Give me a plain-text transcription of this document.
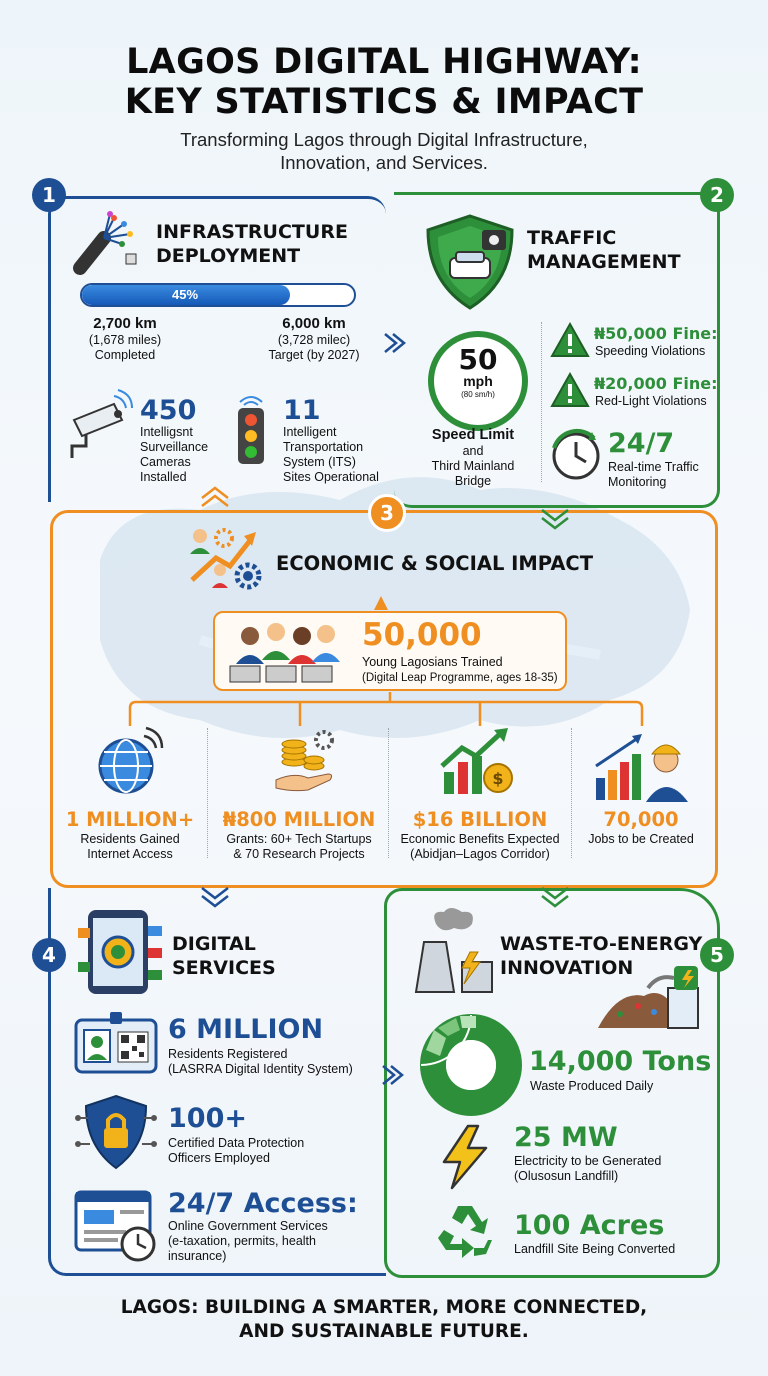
LAGOS DIGITAL HIGHWAY:
KEY STATISTICS & IMPACT
Transforming Lagos through Digital Infrastructure,
Innovation, and Services.
1
INFRASTRUCTURE
DEPLOYMENT
45%
2,700 km
(1,678 miles)
Completed
6,000 km
(3,728 milec)
Target (by 2027)
450
Intelligsnt
Surveillance
Cameras
Installed
11
Intelligent
Transportation
System (ITS)
Sites Operational
2
TRAFFIC
MANAGEMENT
50
mph
(80 sm/h)
Speed Limit
and
Third Mainland
Bridge
₦50,000 Fine:
Speeding Violations
₦20,000 Fine:
Red-Light Violations
24/7
Real-time Traffic
Monitoring
3
ECONOMIC & SOCIAL IMPACT
50,000
Young Lagosians Trained
(Digital Leap Programme, ages 18-35)
$
1 MILLION+
Residents Gained
Internet Access
₦800 MILLION
Grants: 60+ Tech Startups
& 70 Research Projects
$16 BILLION
Economic Benefits Expected
(Abidjan–Lagos Corridor)
70,000
Jobs to be Created
4	DIGITAL
SERVICES
6 MILLION
Residents Registered
(LASRRA Digital Identity System)
100+
Certified Data Protection
Officers Employed
24/7 Access:
Online Government Services
(e-taxation, permits, health
insurance)
5
WASTE-TO-ENERGY
INNOVATION
14,000 Tons
Waste Produced Daily
25 MW
Electricity to be Generated
(Olusosun Landfill)
100 Acres
Landfill Site Being Converted
LAGOS: BUILDING A SMARTER, MORE CONNECTED,
AND SUSTAINABLE FUTURE.
